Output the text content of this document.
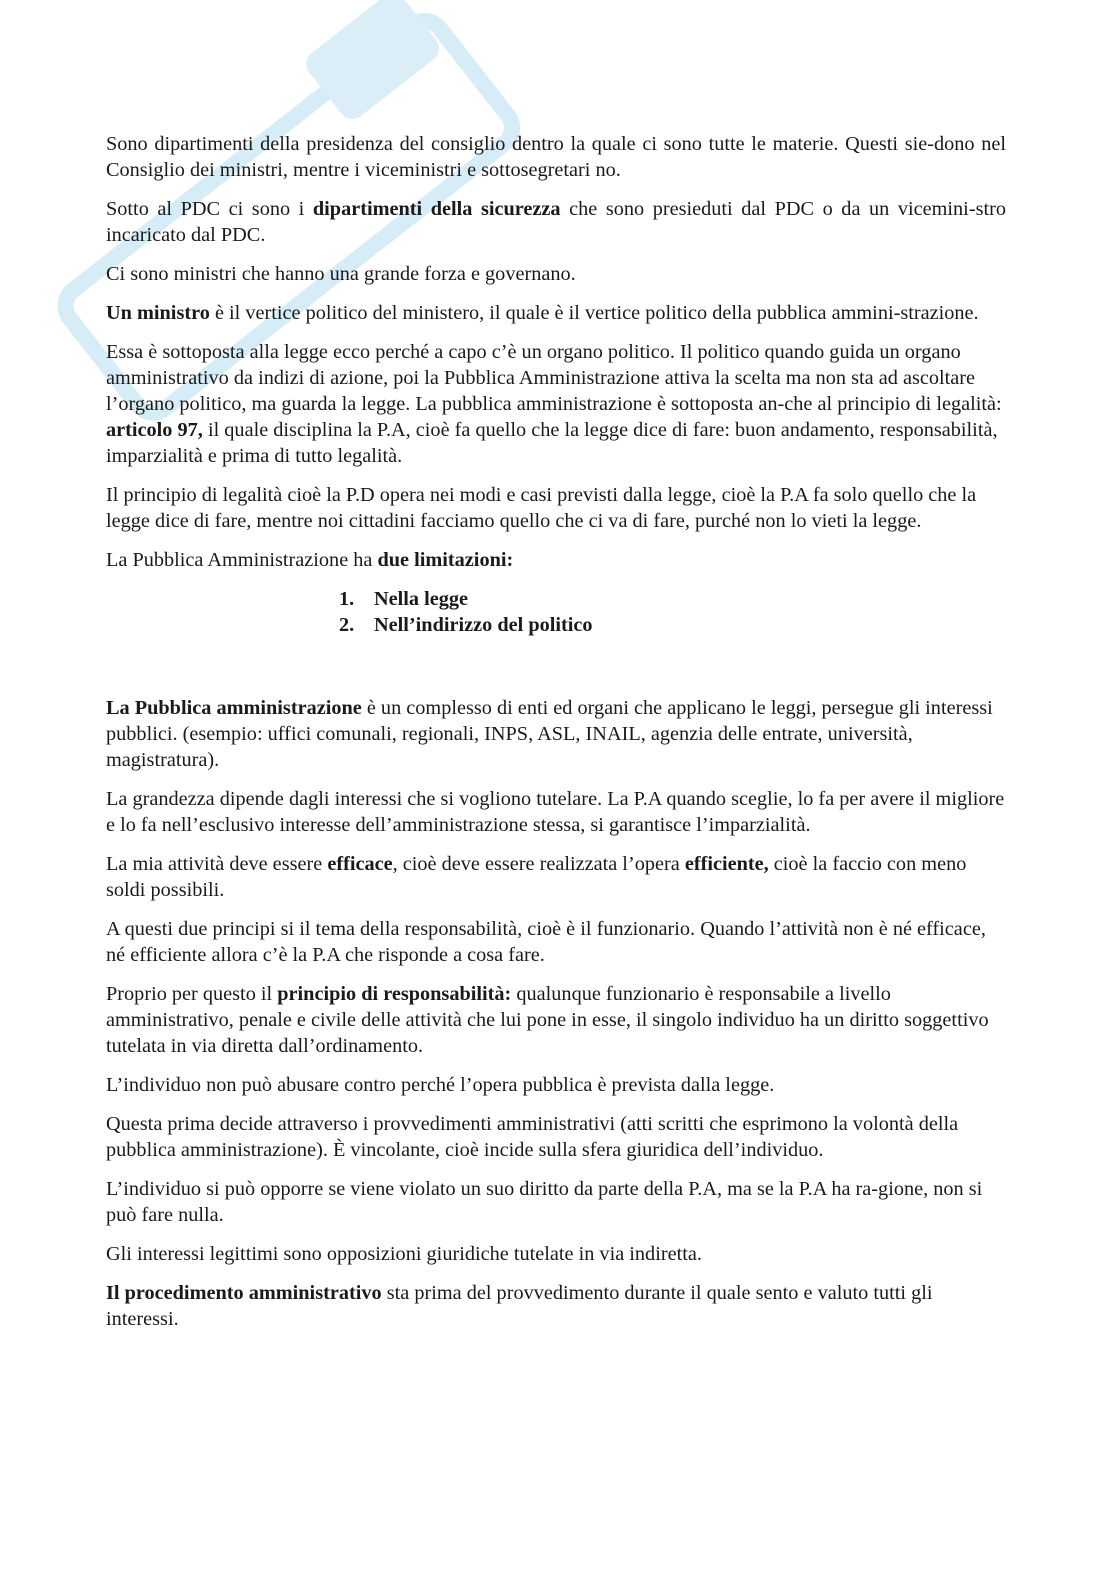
Sono dipartimenti della presidenza del consiglio dentro la quale ci sono tutte le materie. Questi sie-dono nel Consiglio dei ministri, mentre i viceministri e sottosegretari no.

Sotto al PDC ci sono i dipartimenti della sicurezza che sono presieduti dal PDC o da un vicemini-stro incaricato dal PDC.

Ci sono ministri che hanno una grande forza e governano.

Un ministro è il vertice politico del ministero, il quale è il vertice politico della pubblica ammini-strazione.

Essa è sottoposta alla legge ecco perché a capo c’è un organo politico. Il politico quando guida un organo amministrativo da indizi di azione, poi la Pubblica Amministrazione attiva la scelta ma non sta ad ascoltare l’organo politico, ma guarda la legge. La pubblica amministrazione è sottoposta an-che al principio di legalità: articolo 97, il quale disciplina la P.A, cioè fa quello che la legge dice di fare: buon andamento, responsabilità, imparzialità e prima di tutto legalità.

Il principio di legalità cioè la P.D opera nei modi e casi previsti dalla legge, cioè la P.A fa solo quello che la legge dice di fare, mentre noi cittadini facciamo quello che ci va di fare, purché non lo vieti la legge.

La Pubblica Amministrazione ha due limitazioni:

1. Nella legge
2. Nell’indirizzo del politico

La Pubblica amministrazione è un complesso di enti ed organi che applicano le leggi, persegue gli interessi pubblici. (esempio: uffici comunali, regionali, INPS, ASL, INAIL, agenzia delle entrate, università, magistratura).

La grandezza dipende dagli interessi che si vogliono tutelare. La P.A quando sceglie, lo fa per avere il migliore e lo fa nell’esclusivo interesse dell’amministrazione stessa, si garantisce l’imparzialità.

La mia attività deve essere efficace, cioè deve essere realizzata l’opera efficiente, cioè la faccio con meno soldi possibili.

A questi due principi si il tema della responsabilità, cioè è il funzionario. Quando l’attività non è né efficace, né efficiente allora c’è la P.A che risponde a cosa fare.

Proprio per questo il principio di responsabilità: qualunque funzionario è responsabile a livello amministrativo, penale e civile delle attività che lui pone in esse, il singolo individuo ha un diritto soggettivo tutelata in via diretta dall’ordinamento.

L’individuo non può abusare contro perché l’opera pubblica è prevista dalla legge.

Questa prima decide attraverso i provvedimenti amministrativi (atti scritti che esprimono la volontà della pubblica amministrazione). È vincolante, cioè incide sulla sfera giuridica dell’individuo.

L’individuo si può opporre se viene violato un suo diritto da parte della P.A, ma se la P.A ha ra-gione, non si può fare nulla.

Gli interessi legittimi sono opposizioni giuridiche tutelate in via indiretta.

Il procedimento amministrativo sta prima del provvedimento durante il quale sento e valuto tutti gli interessi.
